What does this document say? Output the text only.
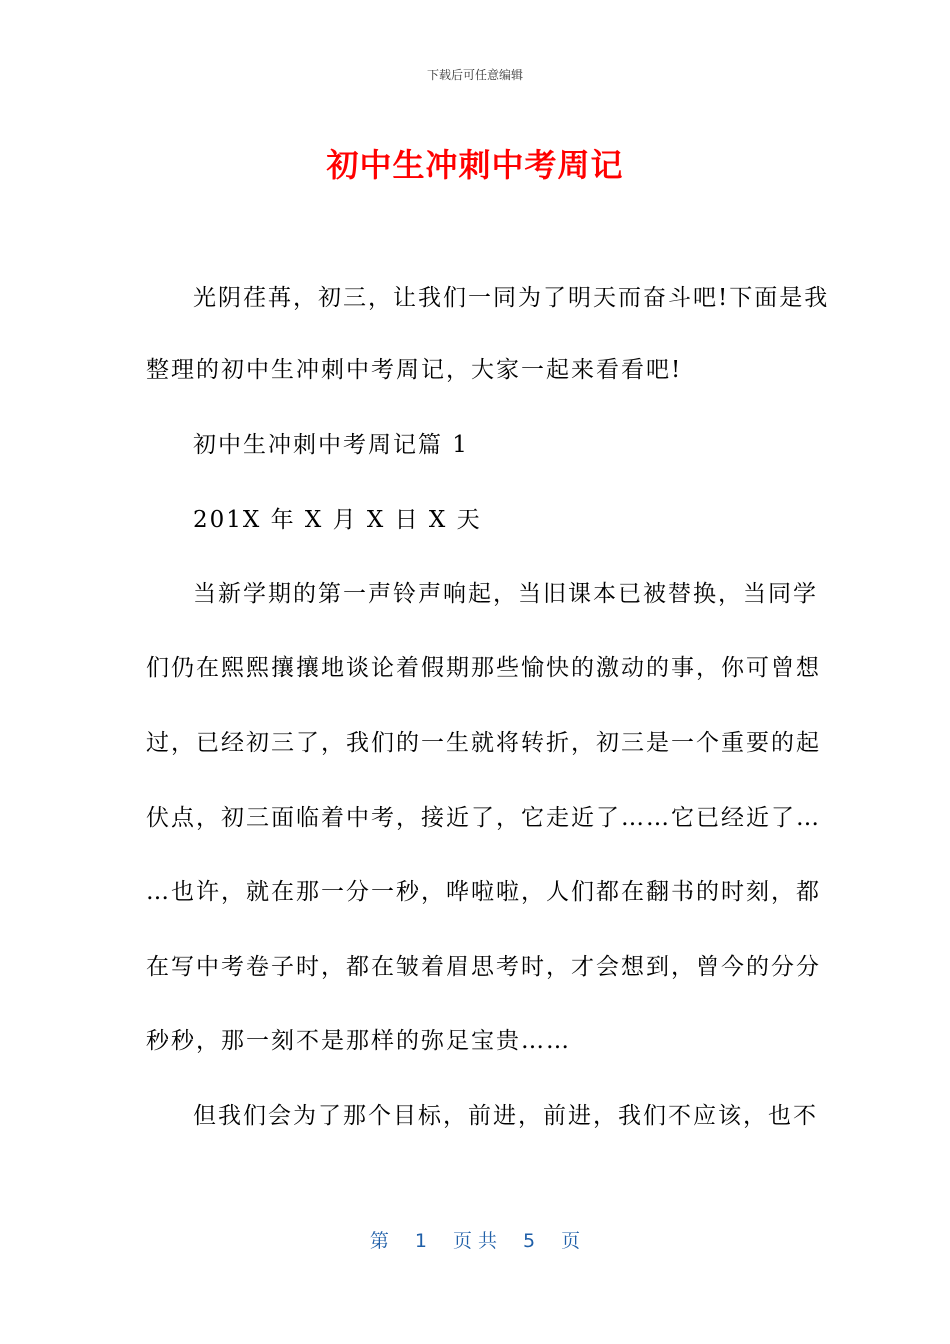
下载后可任意编辑
初中生冲刺中考周记
光阴荏苒，初三，让我们一同为了明天而奋斗吧!下面是我
整理的初中生冲刺中考周记，大家一起来看看吧!
初中生冲刺中考周记篇 1
201X 年 X 月 X 日 X 天
当新学期的第一声铃声响起，当旧课本已被替换，当同学
们仍在熙熙攘攘地谈论着假期那些愉快的激动的事，你可曾想
过，已经初三了，我们的一生就将转折，初三是一个重要的起
伏点，初三面临着中考，接近了，它走近了……它已经近了…
…也许，就在那一分一秒，哗啦啦，人们都在翻书的时刻，都
在写中考卷子时，都在皱着眉思考时，才会想到，曾今的分分
秒秒，那一刻不是那样的弥足宝贵……
但我们会为了那个目标，前进，前进，我们不应该，也不
第 1 页 共 5 页
